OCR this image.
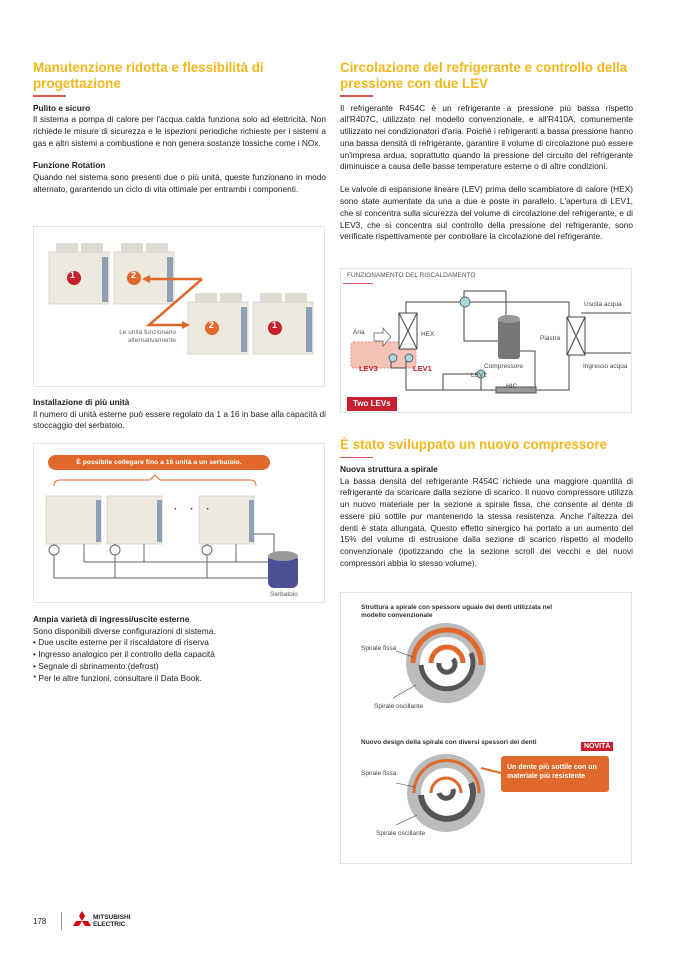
Manutenzione ridotta e flessibilità di progettazione
Pulito e sicuro
Il sistema a pompa di calore per l'acqua calda funziona solo ad elettricità. Non richiede le misure di sicurezza e le ispezioni periodiche richieste per i sistemi a gas e altri sistemi a combustione e non genera sostanze tossiche come i NOx.
Funzione Rotation
Quando nel sistema sono presenti due o più unità, queste funzionano in modo alternato, garantendo un ciclo di vita ottimale per entrambi i componenti.
1	2
2	1
Le unità funzionano alternativamente
Installazione di più unità
Il numero di unità esterne può essere regolato da 1 a 16 in base alla capacità di stoccaggio del serbatoio.
È possibile collegare fino a 16 unità a un serbatoio.
· · ·
Serbatoio
Ampia varietà di ingressi/uscite esterne
Sono disponibili diverse configurazioni di sistema.
• Due uscite esterne per il riscaldatore di riserva
• Ingresso analogico per il controllo della capacità
• Segnale di sbrinamento (defrost)
* Per le altre funzioni, consultare il Data Book.
Circolazione del refrigerante e controllo della pressione con due LEV
Il refrigerante R454C è un refrigerante a pressione più bassa rispetto all'R407C, utilizzato nel modello convenzionale, e all'R410A, comunemente utilizzato nei condizionatori d'aria. Poiché i refrigeranti a bassa pressione hanno una bassa densità di refrigerante, garantire il volume di circolazione può essere un'impresa ardua, soprattutto quando la pressione del circuito del refrigerante diminuisce a causa delle basse temperature esterne o di altre condizioni.
Le valvole di espansione lineare (LEV) prima dello scambiatore di calore (HEX) sono state aumentate da una a due e poste in parallelo. L'apertura di LEV1, che si concentra sulla sicurezza del volume di circolazione del refrigerante, e di LEV3, che si concentra sul controllo della pressione del refrigerante, sono verificate rispettivamente per controllare la circolazione del refrigerante.
FUNZIONAMENTO DEL RISCALDAMENTO
Aria	HEX
LEV3	LEV1
LEV2
Compressore
HIC
Piastra
Uscita acqua
Ingresso acqua
Two LEVs
È stato sviluppato un nuovo compressore
Nuova struttura a spirale
La bassa densità del refrigerante R454C richiede una maggiore quantità di refrigerante da scaricare dalla sezione di scarico. Il nuovo compressore utilizza un nuovo materiale per la sezione a spirale fissa, che consente al dente di essere più sottile pur mantenendo la stessa resistenza. Anche l'altezza dei denti è stata allungata. Questo effetto sinergico ha portato a un aumento del 15% del volume di estrusione dalla sezione di scarico rispetto al modello convenzionale (ipotizzando che la sezione scroll dei vecchi e dei nuovi compressori abbia lo stesso volume).
Struttura a spirale con spessore uguale dei denti utilizzata nel modello convenzionale
Spirale fissa
Spirale oscillante
Nuovo design della spirale con diversi spessori dei denti
NOVITÀ
Un dente più sottile con un materiale più resistente
Spirale fissa
Spirale oscillante
178	MITSUBISHI
ELECTRIC
